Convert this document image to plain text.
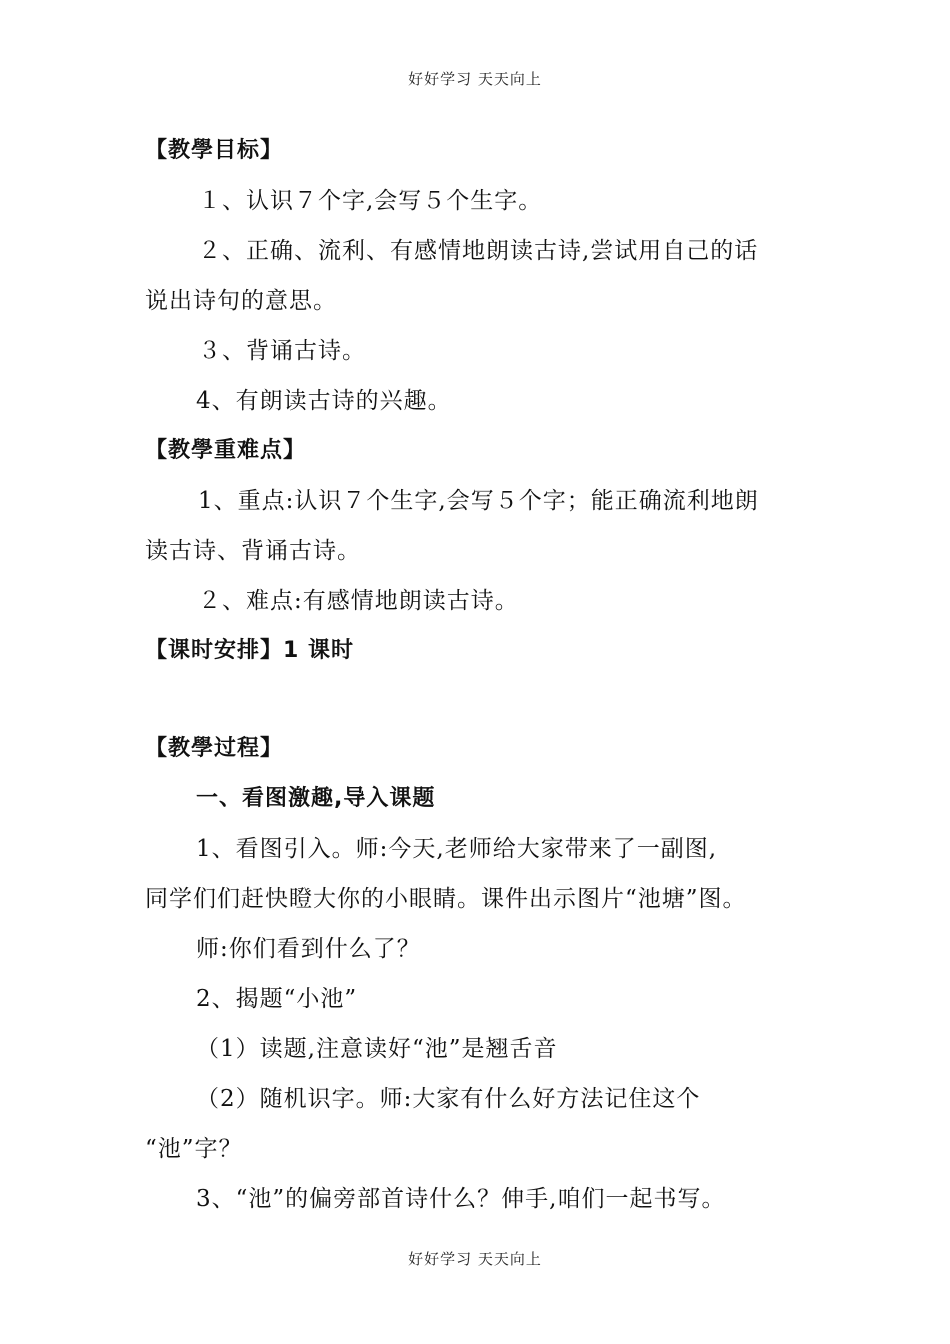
好好学习 天天向上
【教學目标】
１、认识７个字,会写５个生字。
２、正确、流利、有感情地朗读古诗,尝试用自己的话
说出诗句的意思。
３、背诵古诗。
4、有朗读古诗的兴趣。
【教學重难点】
1、重点:认识７个生字,会写５个字；能正确流利地朗
读古诗、背诵古诗。
２、难点:有感情地朗读古诗。
【课时安排】1 课时
【教學过程】
一、看图激趣,导入课题
1、看图引入。师:今天,老师给大家带来了一副图,
同学们们赶快瞪大你的小眼睛。课件出示图片“池塘”图。
师:你们看到什么了？
2、揭题“小池”
（1）读题,注意读好“池”是翘舌音
（2）随机识字。师:大家有什么好方法记住这个
“池”字？
3、“池”的偏旁部首诗什么？伸手,咱们一起书写。
好好学习 天天向上
